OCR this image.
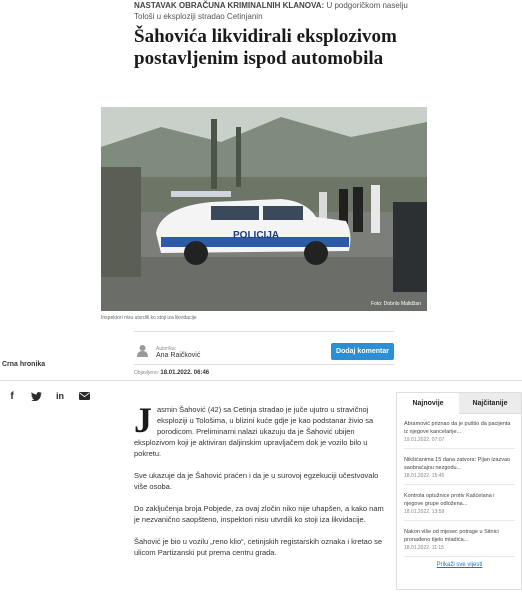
NASTAVAK OBRAČUNA KRIMINALNIH KLANOVA: U podgoričkom naselju Tološi u eksploziji stradao Cetinjanin
Šahovića likvidirali eksplozivom postavljenim ispod automobila
POLICIJA
Foto: Dobrilo Malidžan
Inspektori nisu utvrdili ko stoji iza likvidacije
Autor/ka:
Ana Raičković
Dodaj komentar
Objavljeno: 18.01.2022. 06:46
Crna hronika
f	in

Jasmin Šahović (42) sa Cetinja stradao je juče ujutro u stravičnoj eksploziji u Tološima, u blizini kuće gdje je kao podstanar živio sa porodicom. Preliminarni nalazi ukazuju da je Šahović ubijen eksplozivom koji je aktiviran daljinskim upravljačem dok je vozilo bilo u pokretu.

Sve ukazuje da je Šahović praćen i da je u surovoj egzekuciji učestvovalo više osoba.

Do zaključenja broja Pobjede, za ovaj zločin niko nije uhapšen, a kako nam je nezvanično saopšteno, inspektori nisu utvrdili ko stoji iza likvidacije.

Šahović je bio u vozilu „reno klio“, cetinjskih registarskih oznaka i kretao se ulicom Partizanski put prema centru grada.

Najnovije	Najčitanije
Abramović priznao da je puštio da pacijenta iz njegove kancelarije...
19.01.2022. 07:07
Nikšićanima 15 dana zatvora: Pijan izazvao saobraćajnu nezgodu...
18.01.2022. 15:45
Kontrola optužnice protiv Kašćelana i njegove grupe odložena...
18.01.2022. 13:59
Nakon više od mjesec potrage u Sitnici pronađeno tijelo mladića...
18.01.2022. 11:15
Prikaži sve vijesti
